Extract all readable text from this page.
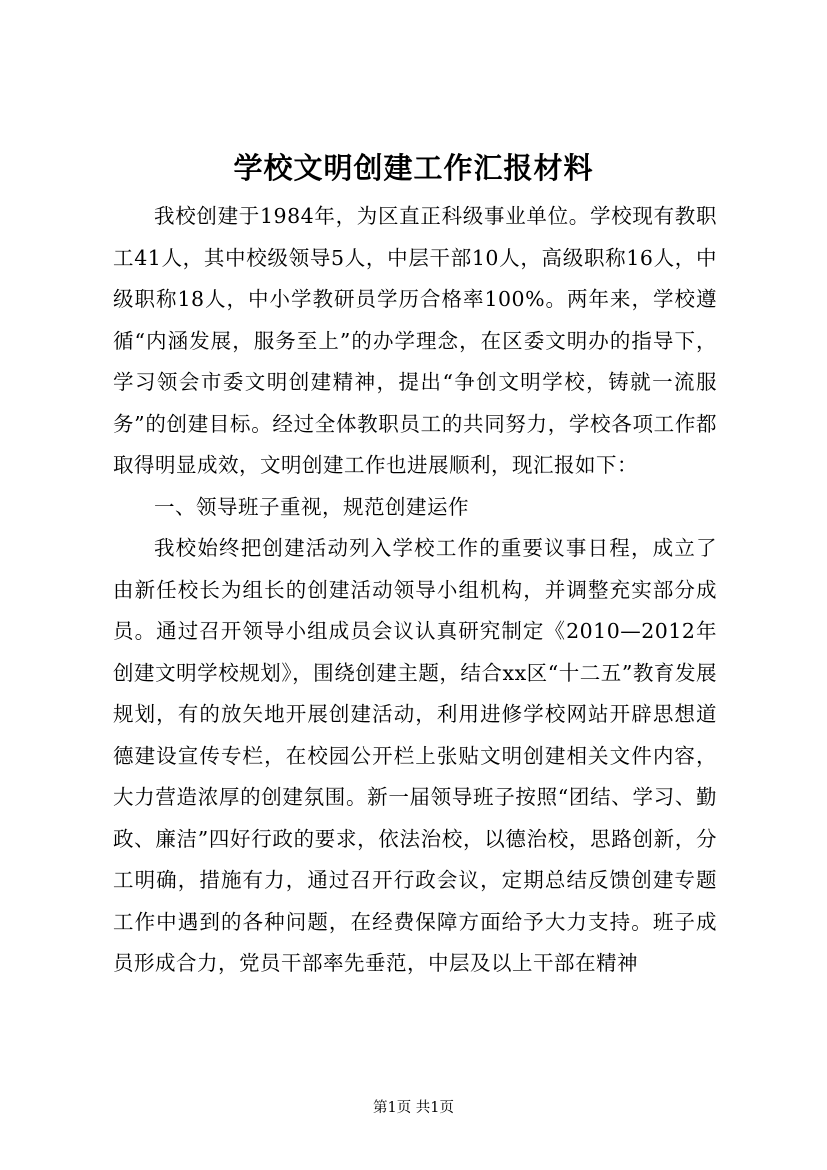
学校文明创建工作汇报材料

我校创建于1984年，为区直正科级事业单位。学校现有教职工41人，其中校级领导5人，中层干部10人，高级职称16人，中级职称18人，中小学教研员学历合格率100%。两年来，学校遵循“内涵发展，服务至上”的办学理念，在区委文明办的指导下，学习领会市委文明创建精神，提出“争创文明学校，铸就一流服务”的创建目标。经过全体教职员工的共同努力，学校各项工作都取得明显成效，文明创建工作也进展顺利，现汇报如下：

一、领导班子重视，规范创建运作

我校始终把创建活动列入学校工作的重要议事日程，成立了由新任校长为组长的创建活动领导小组机构，并调整充实部分成员。通过召开领导小组成员会议认真研究制定《2010—2012年创建文明学校规划》，围绕创建主题，结合xx区“十二五”教育发展规划，有的放矢地开展创建活动，利用进修学校网站开辟思想道德建设宣传专栏，在校园公开栏上张贴文明创建相关文件内容，大力营造浓厚的创建氛围。新一届领导班子按照“团结、学习、勤政、廉洁”四好行政的要求，依法治校，以德治校，思路创新，分工明确，措施有力，通过召开行政会议，定期总结反馈创建专题工作中遇到的各种问题，在经费保障方面给予大力支持。班子成员形成合力，党员干部率先垂范，中层及以上干部在精神

第1页 共1页
